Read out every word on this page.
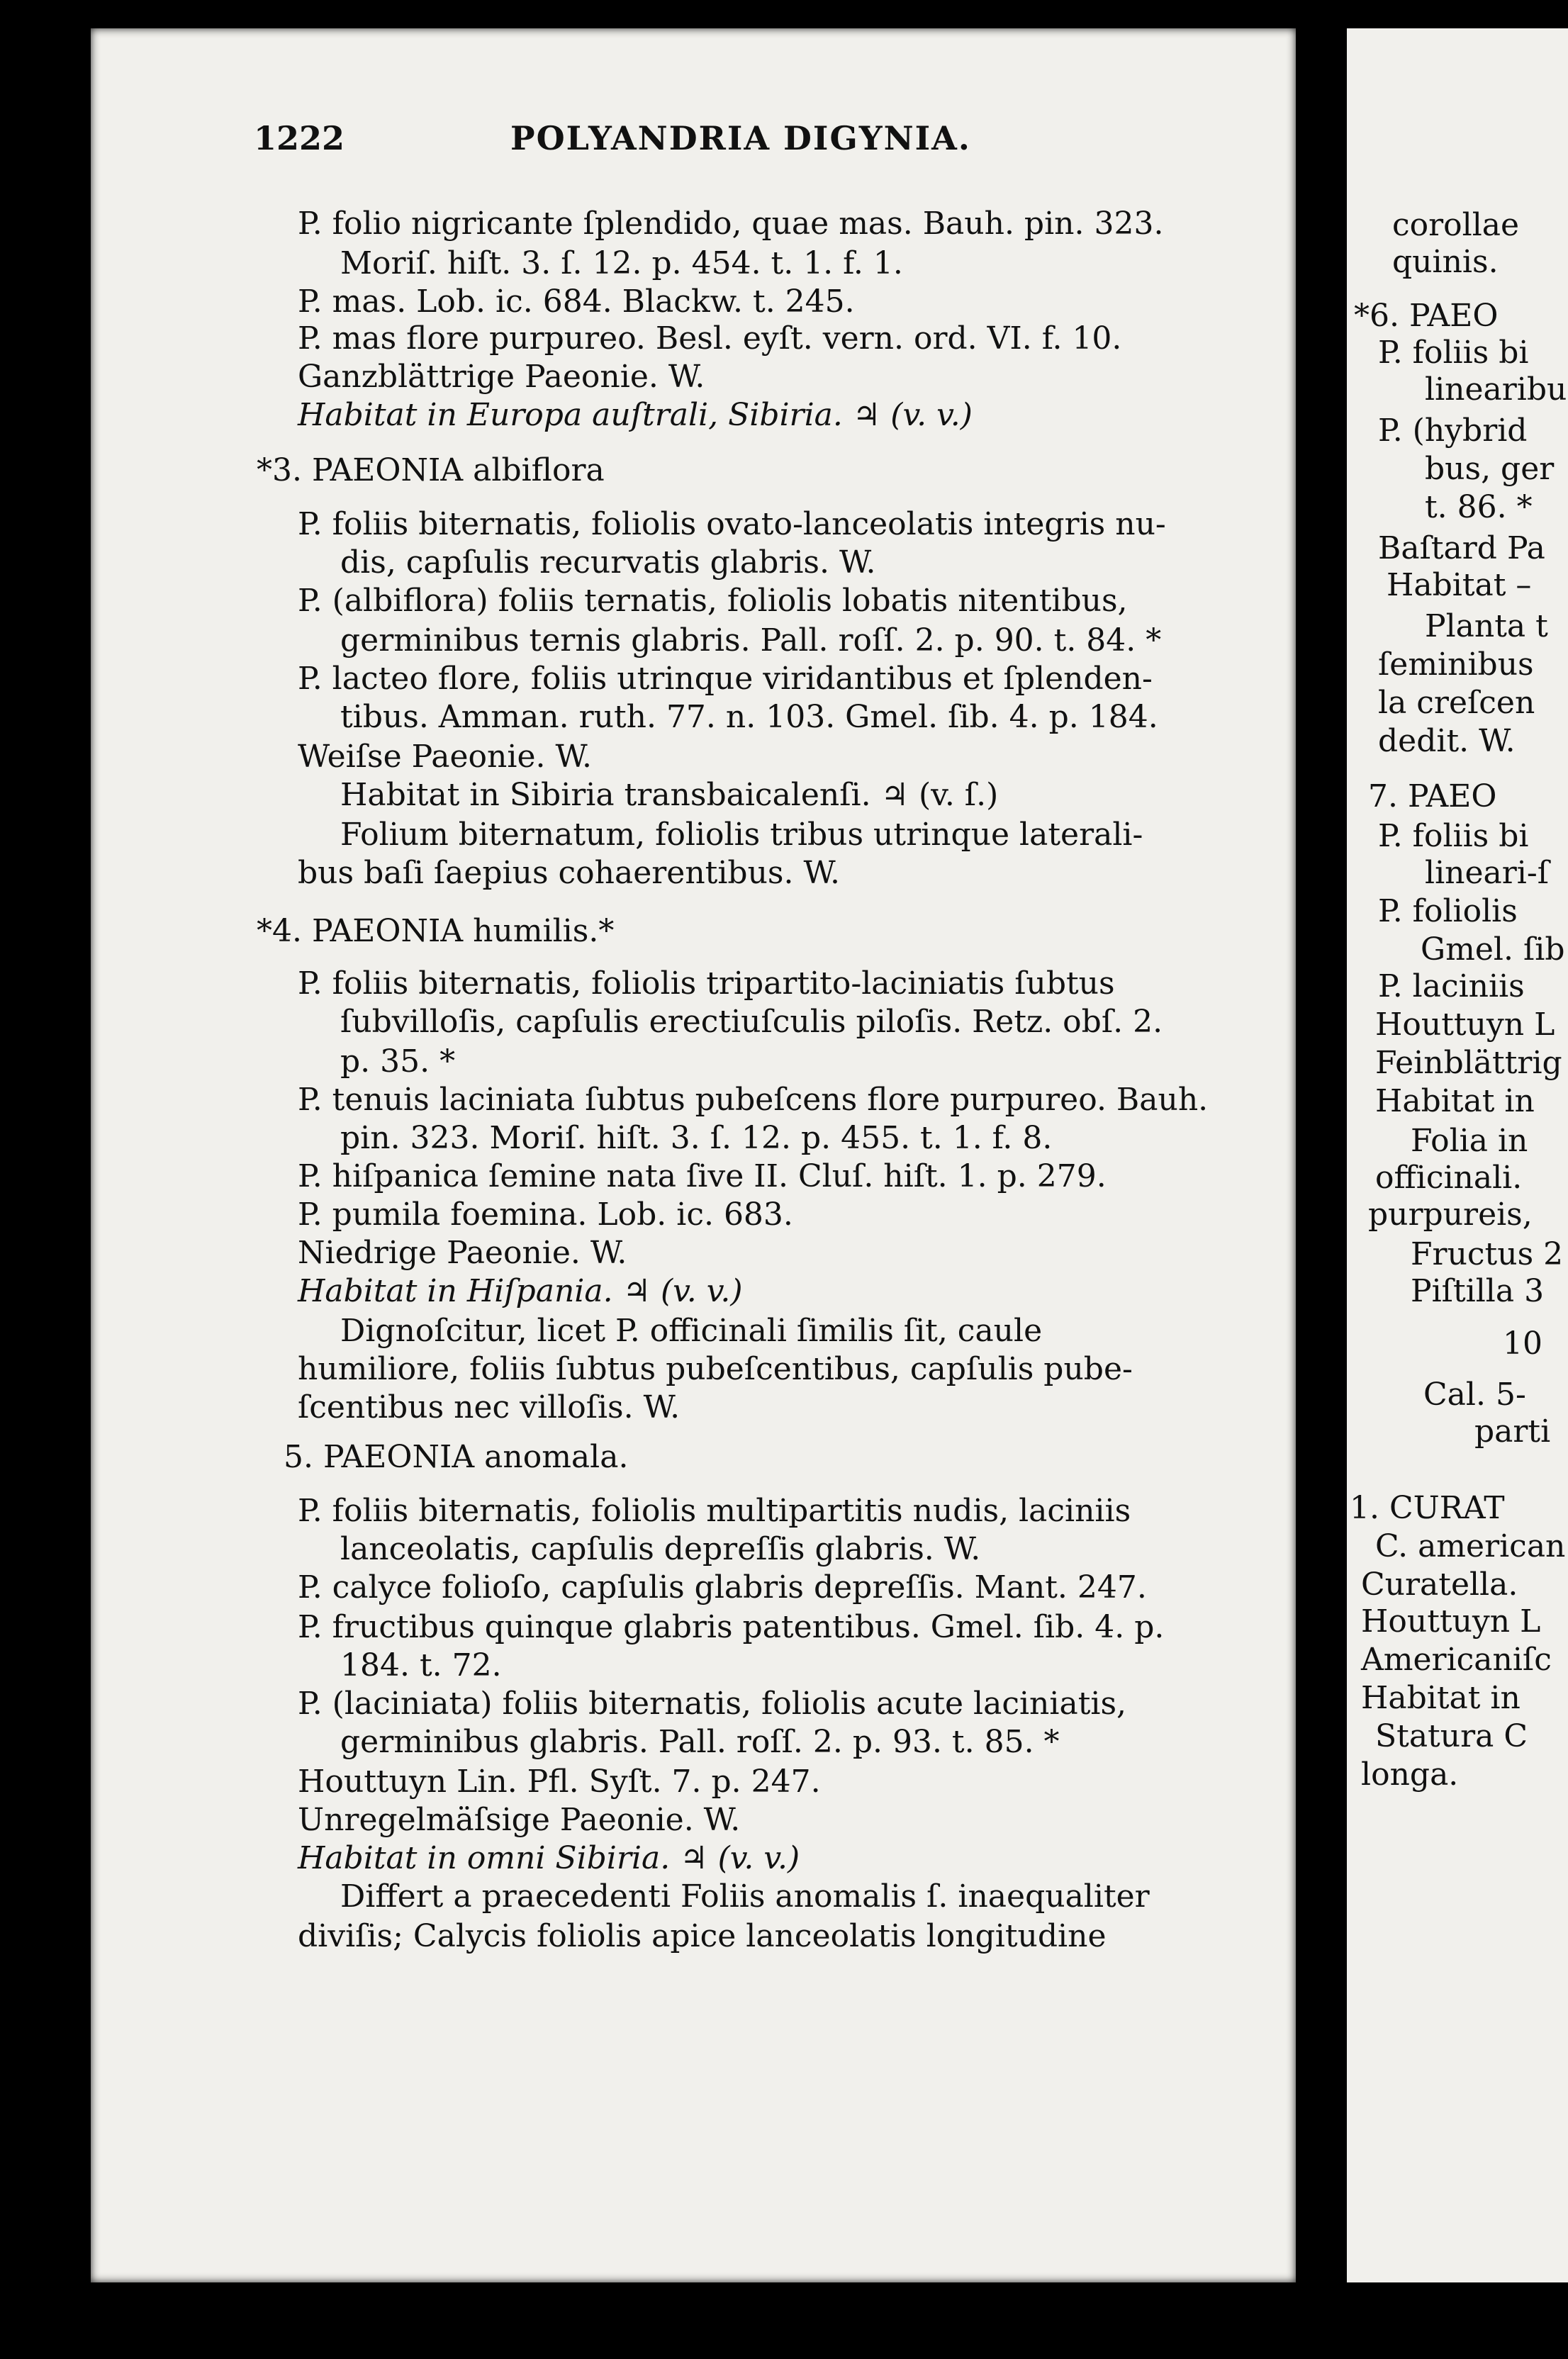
1222	POLYANDRIA DIGYNIA.
P. folio nigricante ſplendido, quae mas. Bauh. pin. 323.
Moriſ. hiſt. 3. ſ. 12. p. 454. t. 1. f. 1.
P. mas. Lob. ic. 684. Blackw. t. 245.
P. mas flore purpureo. Besl. eyſt. vern. ord. VI. f. 10.
Ganzblättrige Paeonie. W.
Habitat in Europa auſtrali, Sibiria. ♃ (v. v.)
*3. PAEONIA albiflora
P. foliis biternatis, foliolis ovato-lanceolatis integris nu-
dis, capſulis recurvatis glabris. W.
P. (albiflora) foliis ternatis, foliolis lobatis nitentibus,
germinibus ternis glabris. Pall. roſſ. 2. p. 90. t. 84. *
P. lacteo flore, foliis utrinque viridantibus et ſplenden-
tibus. Amman. ruth. 77. n. 103. Gmel. ſib. 4. p. 184.
Weiſse Paeonie. W.
Habitat in Sibiria transbaicalenſi. ♃ (v. ſ.)
Folium biternatum, foliolis tribus utrinque laterali-
bus baſi ſaepius cohaerentibus. W.
*4. PAEONIA humilis.*
P. foliis biternatis, foliolis tripartito-laciniatis ſubtus
ſubvilloſis, capſulis erectiuſculis piloſis. Retz. obſ. 2.
p. 35. *
P. tenuis laciniata ſubtus pubeſcens flore purpureo. Bauh.
pin. 323. Moriſ. hiſt. 3. ſ. 12. p. 455. t. 1. f. 8.
P. hiſpanica ſemine nata ſive II. Cluſ. hiſt. 1. p. 279.
P. pumila foemina. Lob. ic. 683.
Niedrige Paeonie. W.
Habitat in Hiſpania. ♃ (v. v.)
Dignoſcitur, licet P. officinali ſimilis ſit, caule
humiliore, foliis ſubtus pubeſcentibus, capſulis pube-
ſcentibus nec villoſis. W.
5. PAEONIA anomala.
P. foliis biternatis, foliolis multipartitis nudis, laciniis
lanceolatis, capſulis depreſſis glabris. W.
P. calyce folioſo, capſulis glabris depreſſis. Mant. 247.
P. fructibus quinque glabris patentibus. Gmel. ſib. 4. p.
184. t. 72.
P. (laciniata) foliis biternatis, foliolis acute laciniatis,
germinibus glabris. Pall. roſſ. 2. p. 93. t. 85. *
Houttuyn Lin. Pfl. Syſt. 7. p. 247.
Unregelmäſsige Paeonie. W.
Habitat in omni Sibiria. ♃ (v. v.)
Differt a praecedenti Foliis anomalis ſ. inaequaliter
diviſis; Calycis foliolis apice lanceolatis longitudine
corollae
quinis.
*6. PAEO
P. foliis bi
linearibu
P. (hybrid
bus, ger
t. 86. *
Baſtard Pa
Habitat –
Planta t
ſeminibus
la creſcen
dedit. W.
7. PAEO
P. foliis bi
lineari-ſ
P. foliolis
Gmel. ſib
P. laciniis
Houttuyn L
Feinblättrig
Habitat in
Folia in
officinali.
purpureis,
Fructus 2
Piſtilla 3
10
Cal. 5-
parti
1. CURAT
C. american
Curatella.
Houttuyn L
Americaniſc
Habitat in
Statura C
longa.
